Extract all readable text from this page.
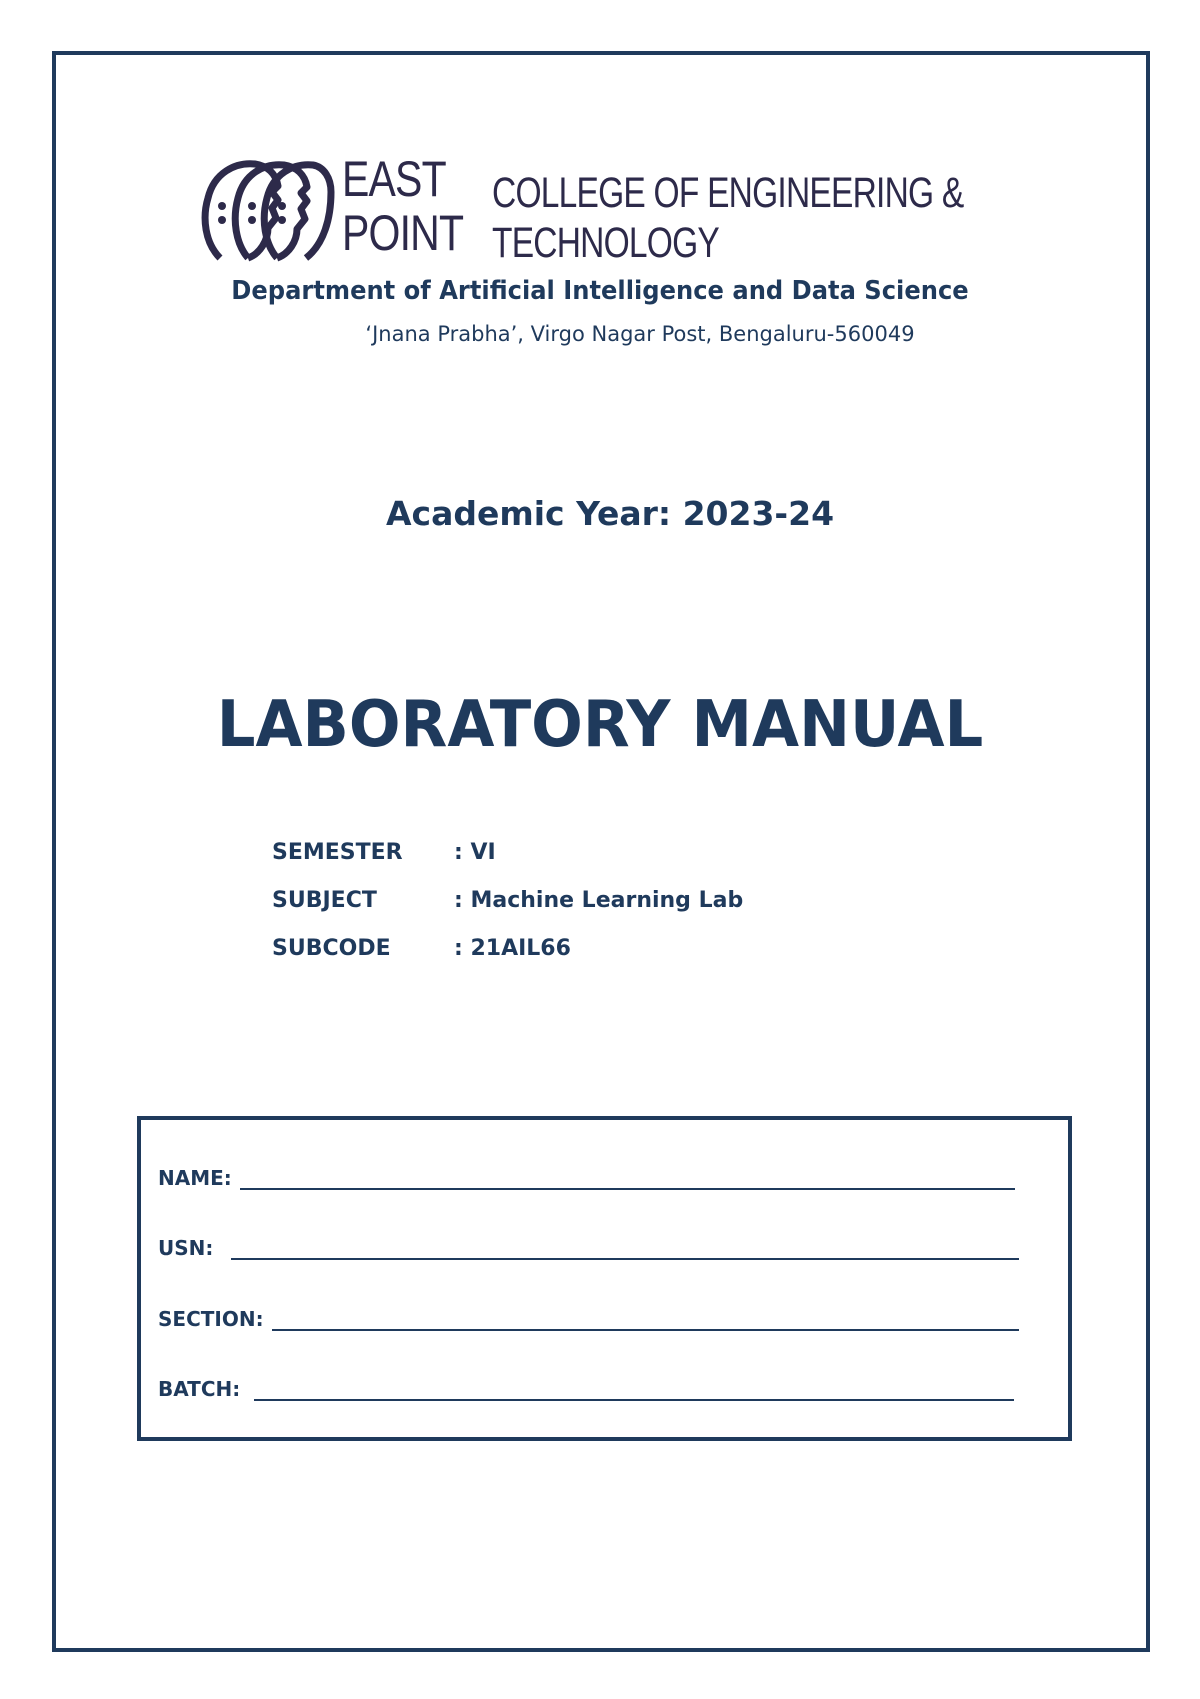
EAST
POINT
COLLEGE OF ENGINEERING &
TECHNOLOGY
Department of Artificial Intelligence and Data Science
‘Jnana Prabha’, Virgo Nagar Post, Bengaluru-560049
Academic Year: 2023-24
LABORATORY MANUAL
SEMESTER	: VI
SUBJECT	: Machine Learning Lab
SUBCODE	: 21AIL66
NAME:
USN:
SECTION:
BATCH:
